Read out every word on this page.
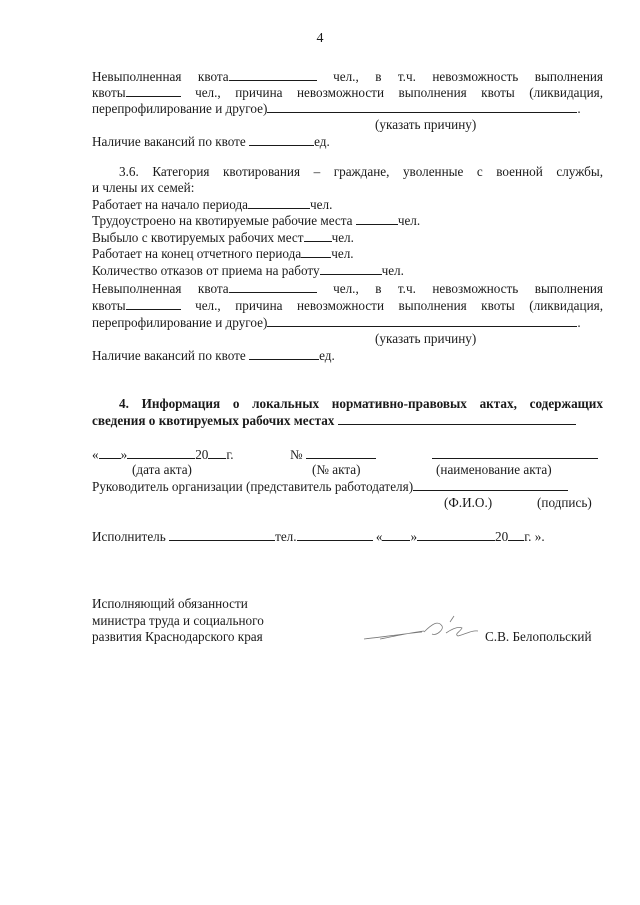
4
Невыполненная квота	чел., в т.ч. невозможность выполнения
квоты	чел., причина невозможности выполнения квоты (ликвидация,
перепрофилирование и другое)	.
(указать причину)
Наличие вакансий по квоте	ед.
3.6. Категория квотирования – граждане, уволенные с военной службы,
и члены их семей:
Работает на начало периода	чел.
Трудоустроено на квотируемые рабочие места	чел.
Выбыло с квотируемых рабочих мест чел.
Работает на конец отчетного периода чел.
Количество отказов от приема на работу	чел.
Невыполненная квота	чел., в т.ч. невозможность выполнения
квоты	чел., причина невозможности выполнения квоты (ликвидация,
перепрофилирование и другое)	.
(указать причину)
Наличие вакансий по квоте	ед.
4. Информация о локальных нормативно-правовых актах, содержащих
сведения о квотируемых рабочих местах
« »	20 г.	№
(дата акта)	(№ акта)	(наименование акта)
Руководитель организации (представитель работодателя)
(Ф.И.О.)	(подпись)
Исполнитель	тел.	« »	20 г. ».
Исполняющий обязанности
министра труда и социального
развития Краснодарского края	С.В. Белопольский
